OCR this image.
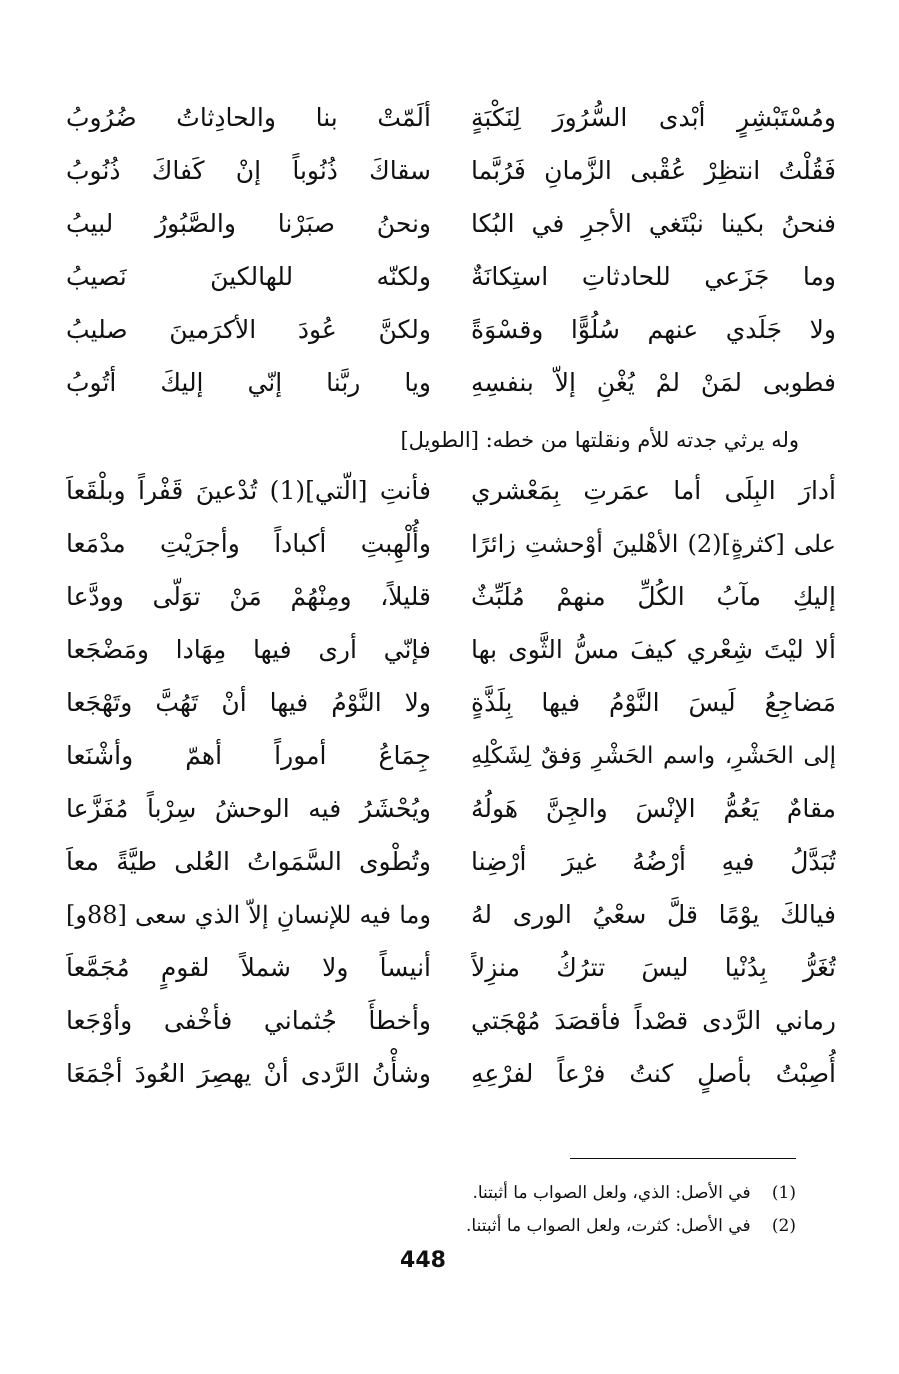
ومُسْتَبْشِرٍ أبْدى السُّرُورَ لِنَكْبَةٍ
ألَمّتْ بنا والحادِثاتُ ضُرُوبُ
فَقُلْتُ انتظِرْ عُقْبى الزَّمانِ فَرُبَّما
سقاكَ ذُنُوباً إنْ كَفاكَ ذُنُوبُ
فنحنُ بكينا نبْتَغي الأجرِ في البُكا
ونحنُ صبَرْنا والصَّبُورُ لبيبُ
وما جَزَعي للحادثاتِ استِكانَةٌ
ولكنّه للهالكينَ نَصيبُ
ولا جَلَدي عنهم سُلُوًّا وقسْوَةً
ولكنَّ عُودَ الأكرَمينَ صليبُ
فطوبى لمَنْ لمْ يُغْنِ إلاّ بنفسِهِ
ويا ربَّنا إنّي إليكَ أتُوبُ
وله يرثي جدته للأم ونقلتها من خطه: [الطويل]
أدارَ البِلَى أما عمَرتِ بِمَعْشري
فأنتِ [الّتي](1) تُدْعينَ قَفْراً وبلْقَعاَ
على [كثرةٍ](2) الأهْلينَ أوْحشتِ زائرًا
وأُلْهِبتِ أكباداً وأجرَيْتِ مدْمَعا
إليكِ مآبُ الكُلِّ منهمْ مُلَبِّثٌ
قليلاً، ومِنْهُمْ مَنْ توَلّى وودَّعا
ألا ليْتَ شِعْري كيفَ مسُّ الثَّوى بها
فإنّي أرى فيها مِهَادا ومَضْجَعا
مَضاجِعُ لَيسَ النَّوْمُ فيها بِلَذَّةٍ
ولا النَّوْمُ فيها أنْ تَهُبَّ وتَهْجَعا
إلى الحَشْرِ، واسم الحَشْرِ وَفقٌ لِشَكْلِهِ
جِمَاعُ أموراً أهمّ وأشْنَعا
مقامٌ يَعُمُّ الإنْسَ والجِنَّ هَولُهُ
ويُحْشَرُ فيه الوحشُ سِرْباً مُفَزَّعا
تُبَدَّلُ فيهِ أرْضُهُ غيرَ أرْضِنا
وتُطْوى السَّمَواتُ العُلى طيَّةً معاَ
فيالكَ يوْمًا قلَّ سعْيُ الورى لهُ
وما فيه للإنسانِ إلاّ الذي سعى [88و]
تُغَرُّ بِدُنْيا ليسَ تترُكُ منزِلاً
أنيساً ولا شملاً لقومٍ مُجَمَّعاَ
رماني الرَّدى قصْداً فأقصَدَ مُهْجَتي
وأخطأَ جُثماني فأخْفى وأوْجَعا
أُصِبْتُ بأصلٍ كنتُ فرْعاً لفرْعِهِ
وشأْنُ الرَّدى أنْ يهصِرَ العُودَ أجْمَعَا
(1) في الأصل: الذي، ولعل الصواب ما أثبتنا.
(2) في الأصل: كثرت، ولعل الصواب ما أثبتنا.
448
